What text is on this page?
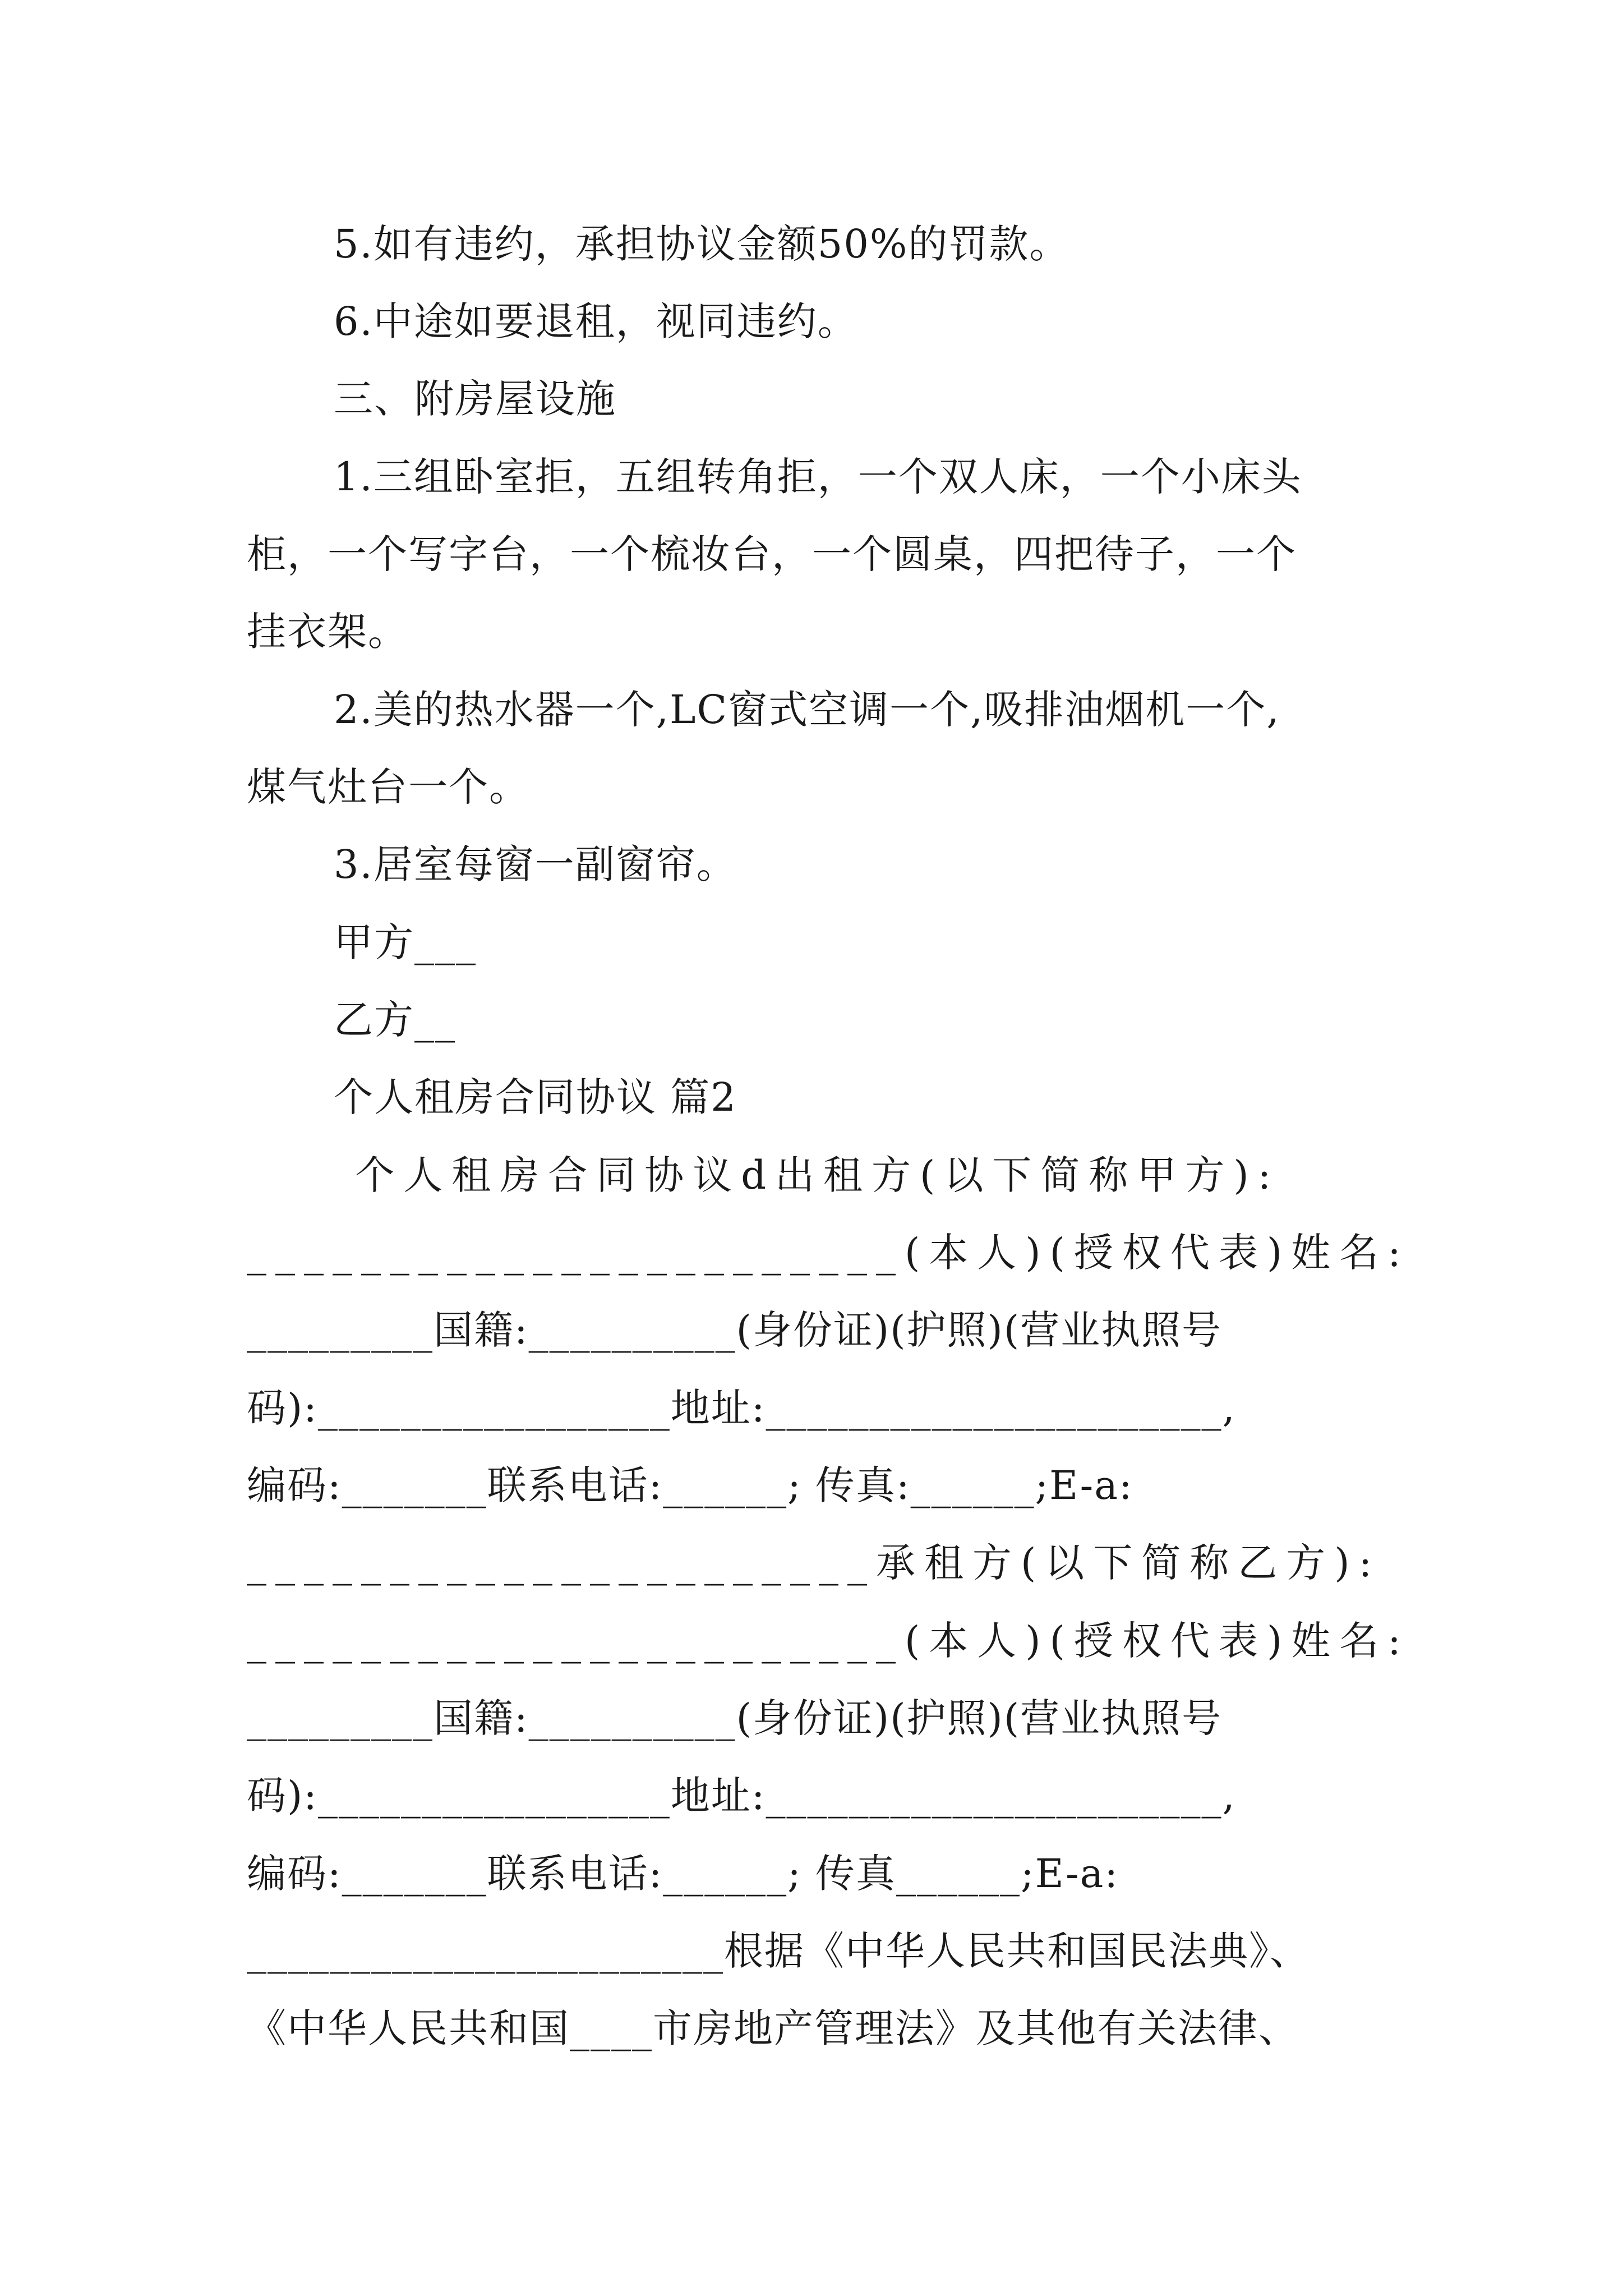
5.如有违约，承担协议金额50%的罚款。
6.中途如要退租，视同违约。
三、附房屋设施
1.三组卧室拒，五组转角拒，一个双人床，一个小床头
柜，一个写字台，一个梳妆台，一个圆桌，四把待子，一个
挂衣架。
2.美的热水器一个,LC窗式空调一个,吸排油烟机一个,
煤气灶台一个。
3.居室每窗一副窗帘。
甲方___
乙方__
个人租房合同协议 篇2
个人租房合同协议d出租方(以下简称甲方):
_______________________(本人)(授权代表)姓名:
_________国籍:__________(身份证)(护照)(营业执照号
码):_________________地址:______________________,
编码:_______联系电话:______; 传真:______;E-a:
______________________承租方(以下简称乙方):
_______________________(本人)(授权代表)姓名:
_________国籍:__________(身份证)(护照)(营业执照号
码):_________________地址:______________________,
编码:_______联系电话:______; 传真______;E-a:
_______________________根据《中华人民共和国民法典》、
《中华人民共和国____市房地产管理法》及其他有关法律、
